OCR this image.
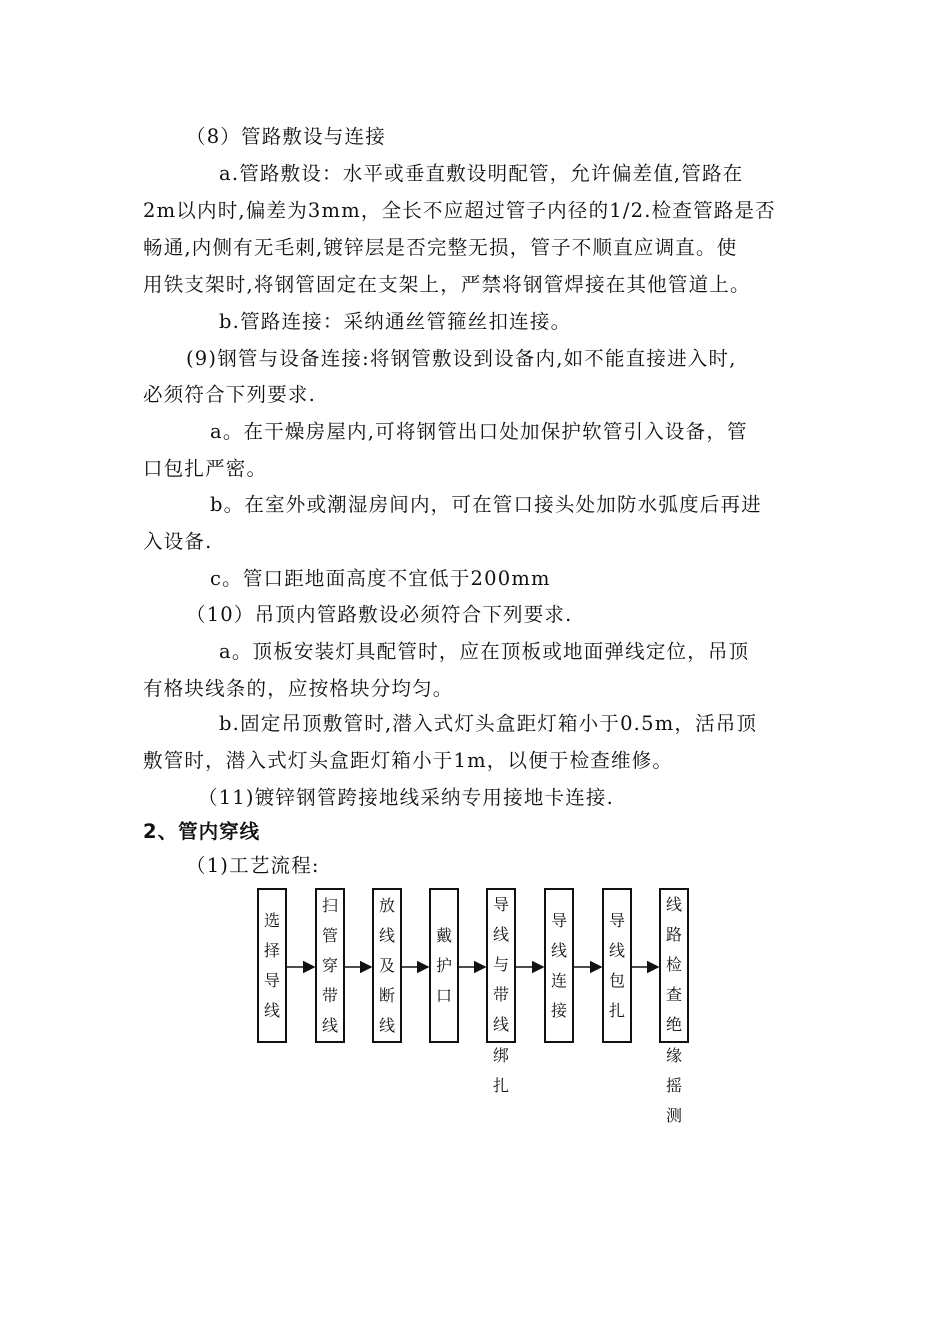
（8）管路敷设与连接
a.管路敷设：水平或垂直敷设明配管，允许偏差值,管路在
2m以内时,偏差为3mm，全长不应超过管子内径的1/2.检查管路是否
畅通,内侧有无毛刺,镀锌层是否完整无损，管子不顺直应调直。使
用铁支架时,将钢管固定在支架上，严禁将钢管焊接在其他管道上。
b.管路连接：采纳通丝管箍丝扣连接。
(9)钢管与设备连接:将钢管敷设到设备内,如不能直接进入时,
必须符合下列要求.
a。在干燥房屋内,可将钢管出口处加保护软管引入设备，管
口包扎严密。
b。在室外或潮湿房间内，可在管口接头处加防水弧度后再进
入设备.
c。管口距地面高度不宜低于200mm
（10）吊顶内管路敷设必须符合下列要求.
a。顶板安装灯具配管时，应在顶板或地面弹线定位，吊顶
有格块线条的，应按格块分均匀。
b.固定吊顶敷管时,潜入式灯头盒距灯箱小于0.5m，活吊顶
敷管时，潜入式灯头盒距灯箱小于1m，以便于检查维修。
（11)镀锌钢管跨接地线采纳专用接地卡连接.
2、管内穿线
（1)工艺流程:
选
择
导
线
扫
管
穿
带
线
放
线
及
断
线
戴
护
口
导
线
与
带
线
绑
扎
导
线
连
接
导
线
包
扎
线
路
检
查
绝
缘
摇
测
